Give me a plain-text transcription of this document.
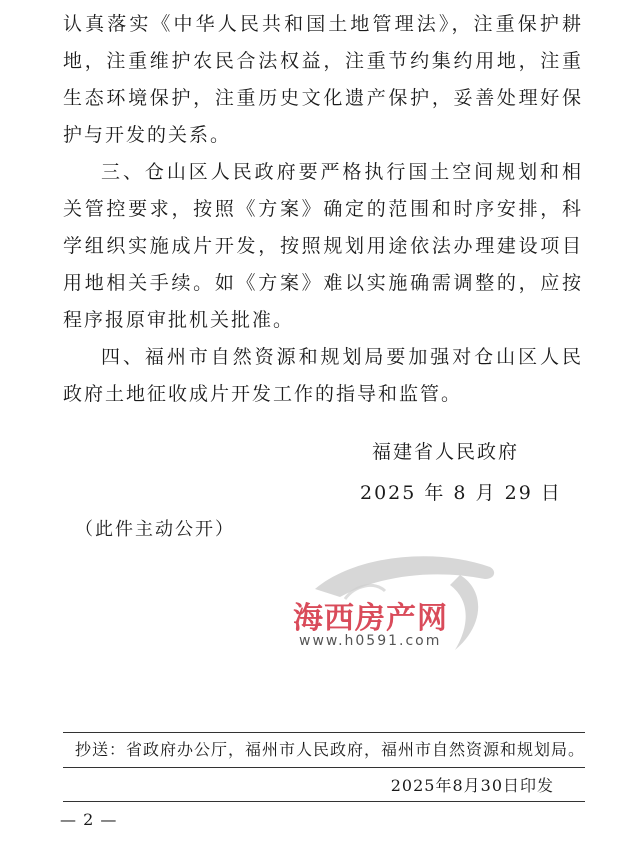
认真落实《中华人民共和国土地管理法》，注重保护耕地，注重维护农民合法权益，注重节约集约用地，注重生态环境保护，注重历史文化遗产保护，妥善处理好保护与开发的关系。

三、仓山区人民政府要严格执行国土空间规划和相关管控要求，按照《方案》确定的范围和时序安排，科学组织实施成片开发，按照规划用途依法办理建设项目用地相关手续。如《方案》难以实施确需调整的，应按程序报原审批机关批准。

四、福州市自然资源和规划局要加强对仓山区人民政府土地征收成片开发工作的指导和监管。

福建省人民政府
2025 年 8 月 29 日
（此件主动公开）
海西房产网
www.h0591.com
抄送：省政府办公厅，福州市人民政府，福州市自然资源和规划局。
2025年8月30日印发
— 2 —
